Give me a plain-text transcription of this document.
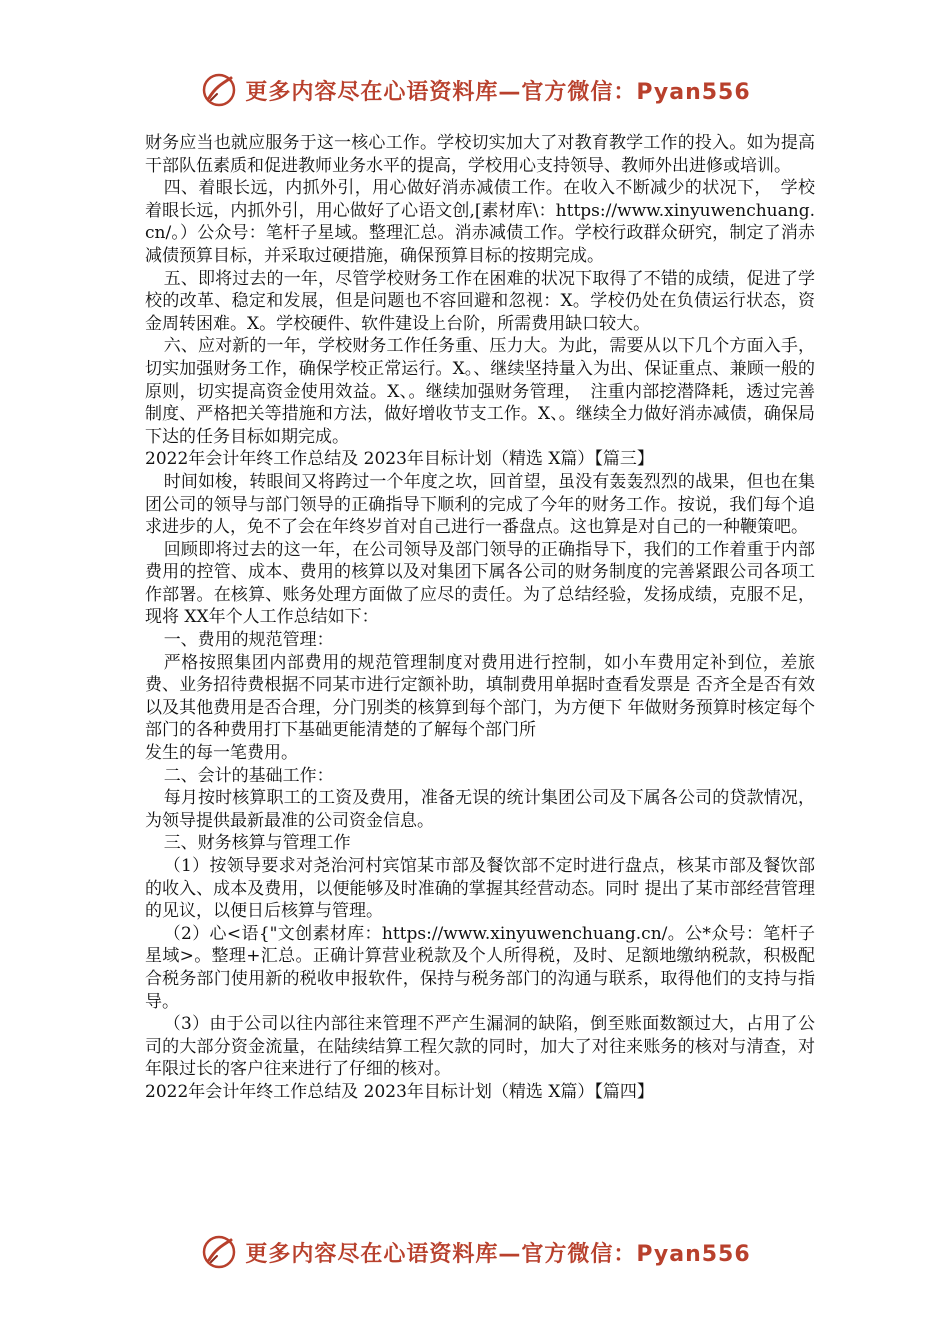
更多内容尽在心语资料库—官方微信：Pyan556

财务应当也就应服务于这一核心工作。学校切实加大了对教育教学工作的投入。如为提高干部队伍素质和促进教师业务水平的提高，学校用心支持领导、教师外出进修或培训。

四、着眼长远，内抓外引，用心做好消赤减债工作。在收入不断减少的状况下，　学校着眼长远，内抓外引，用心做好了心语文创,[素材库\：https://www.xinyuwenchuang.cn/。）公众号：笔杆子星域。整理汇总。消赤减债工作。学校行政群众研究，制定了消赤减债预算目标，并采取过硬措施，确保预算目标的按期完成。

五、即将过去的一年，尽管学校财务工作在困难的状况下取得了不错的成绩，促进了学校的改革、稳定和发展，但是问题也不容回避和忽视：X。学校仍处在负债运行状态，资金周转困难。X。学校硬件、软件建设上台阶，所需费用缺口较大。

六、应对新的一年，学校财务工作任务重、压力大。为此，需要从以下几个方面入手，切实加强财务工作，确保学校正常运行。X。、继续坚持量入为出、保证重点、兼顾一般的原则，切实提高资金使用效益。X、。继续加强财务管理，　注重内部挖潜降耗，透过完善制度、严格把关等措施和方法，做好增收节支工作。X、。继续全力做好消赤减债，确保局下达的任务目标如期完成。

2022年会计年终工作总结及 2023年目标计划（精选 X篇）【篇三】

时间如梭，转眼间又将跨过一个年度之坎，回首望，虽没有轰轰烈烈的战果，但也在集团公司的领导与部门领导的正确指导下顺利的完成了今年的财务工作。按说，我们每个追求进步的人，免不了会在年终岁首对自己进行一番盘点。这也算是对自己的一种鞭策吧。

回顾即将过去的这一年，在公司领导及部门领导的正确指导下，我们的工作着重于内部费用的控管、成本、费用的核算以及对集团下属各公司的财务制度的完善紧跟公司各项工作部署。在核算、账务处理方面做了应尽的责任。为了总结经验，发扬成绩，克服不足，现将 XX年个人工作总结如下：

一、费用的规范管理：

严格按照集团内部费用的规范管理制度对费用进行控制，如小车费用定补到位，差旅费、业务招待费根据不同某市进行定额补助，填制费用单据时查看发票是 否齐全是否有效以及其他费用是否合理，分门别类的核算到每个部门，为方便下 年做财务预算时核定每个部门的各种费用打下基础更能清楚的了解每个部门所

发生的每一笔费用。

二、会计的基础工作：

每月按时核算职工的工资及费用，准备无误的统计集团公司及下属各公司的贷款情况，为领导提供最新最准的公司资金信息。

三、财务核算与管理工作

（1）按领导要求对尧治河村宾馆某市部及餐饮部不定时进行盘点，核某市部及餐饮部的收入、成本及费用，以便能够及时准确的掌握其经营动态。同时 提出了某市部经营管理的见议，以便日后核算与管理。

（2）心<语{"文创素材库：https://www.xinyuwenchuang.cn/。公*众号：笔杆子星域>。整理+汇总。正确计算营业税款及个人所得税，及时、足额地缴纳税款，积极配合税务部门使用新的税收申报软件，保持与税务部门的沟通与联系，取得他们的支持与指导。

（3）由于公司以往内部往来管理不严产生漏洞的缺陷，倒至账面数额过大，占用了公司的大部分资金流量，在陆续结算工程欠款的同时，加大了对往来账务的核对与清查，对年限过长的客户往来进行了仔细的核对。

2022年会计年终工作总结及 2023年目标计划（精选 X篇）【篇四】

更多内容尽在心语资料库—官方微信：Pyan556
